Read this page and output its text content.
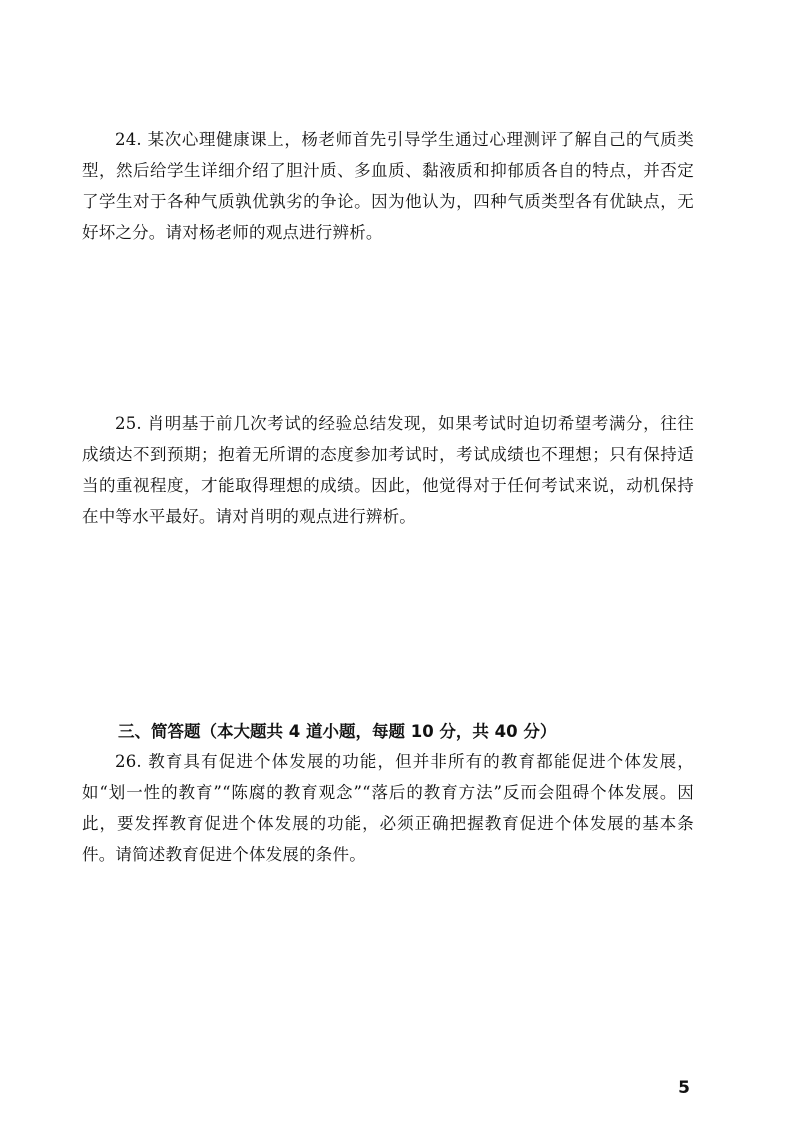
24. 某次心理健康课上，杨老师首先引导学生通过心理测评了解自己的气质类型，然后给学生详细介绍了胆汁质、多血质、黏液质和抑郁质各自的特点，并否定了学生对于各种气质孰优孰劣的争论。因为他认为，四种气质类型各有优缺点，无好坏之分。请对杨老师的观点进行辨析。

25. 肖明基于前几次考试的经验总结发现，如果考试时迫切希望考满分，往往成绩达不到预期；抱着无所谓的态度参加考试时，考试成绩也不理想；只有保持适当的重视程度，才能取得理想的成绩。因此，他觉得对于任何考试来说，动机保持在中等水平最好。请对肖明的观点进行辨析。

三、简答题（本大题共 4 道小题，每题 10 分，共 40 分）

26. 教育具有促进个体发展的功能，但并非所有的教育都能促进个体发展，如“划一性的教育”“陈腐的教育观念”“落后的教育方法”反而会阻碍个体发展。因此，要发挥教育促进个体发展的功能，必须正确把握教育促进个体发展的基本条件。请简述教育促进个体发展的条件。

5
